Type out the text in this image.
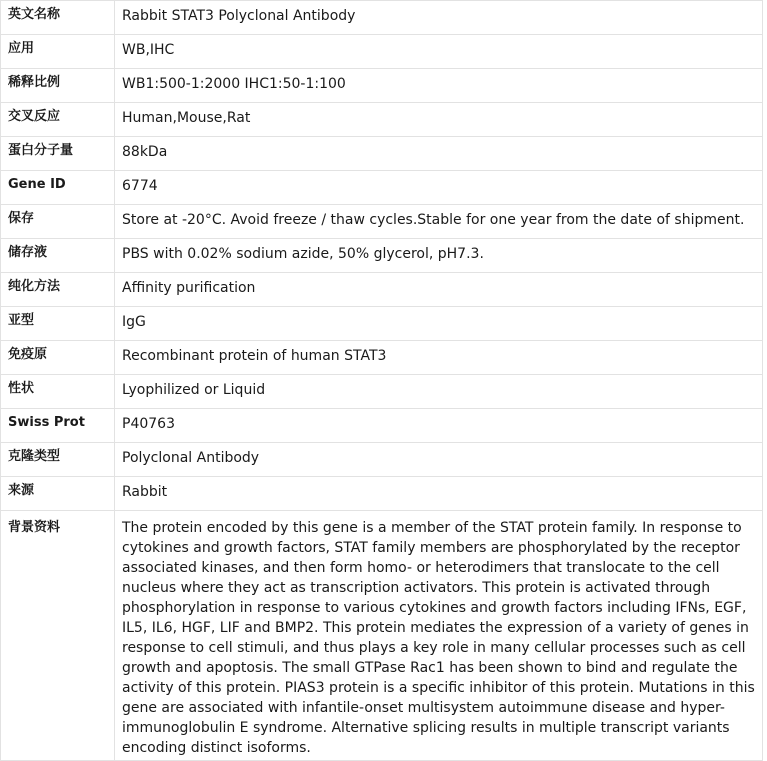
英文名称	Rabbit STAT3 Polyclonal Antibody
应用	WB,IHC
稀释比例	WB1:500-1:2000 IHC1:50-1:100
交叉反应	Human,Mouse,Rat
蛋白分子量	88kDa
Gene ID	6774
保存	Store at -20°C. Avoid freeze / thaw cycles.Stable for one year from the date of shipment.
储存液	PBS with 0.02% sodium azide, 50% glycerol, pH7.3.
纯化方法	Affinity purification
亚型	IgG
免疫原	Recombinant protein of human STAT3
性状	Lyophilized or Liquid
Swiss Prot	P40763
克隆类型	Polyclonal Antibody
来源	Rabbit
背景资料	The protein encoded by this gene is a member of the STAT protein family. In response to cytokines and growth factors, STAT family members are phosphorylated by the receptor associated kinases, and then form homo- or heterodimers that translocate to the cell nucleus where they act as transcription activators. This protein is activated through phosphorylation in response to various cytokines and growth factors including IFNs, EGF, IL5, IL6, HGF, LIF and BMP2. This protein mediates the expression of a variety of genes in response to cell stimuli, and thus plays a key role in many cellular processes such as cell growth and apoptosis. The small GTPase Rac1 has been shown to bind and regulate the activity of this protein. PIAS3 protein is a specific inhibitor of this protein. Mutations in this gene are associated with infantile-onset multisystem autoimmune disease and hyper-immunoglobulin E syndrome. Alternative splicing results in multiple transcript variants encoding distinct isoforms.
